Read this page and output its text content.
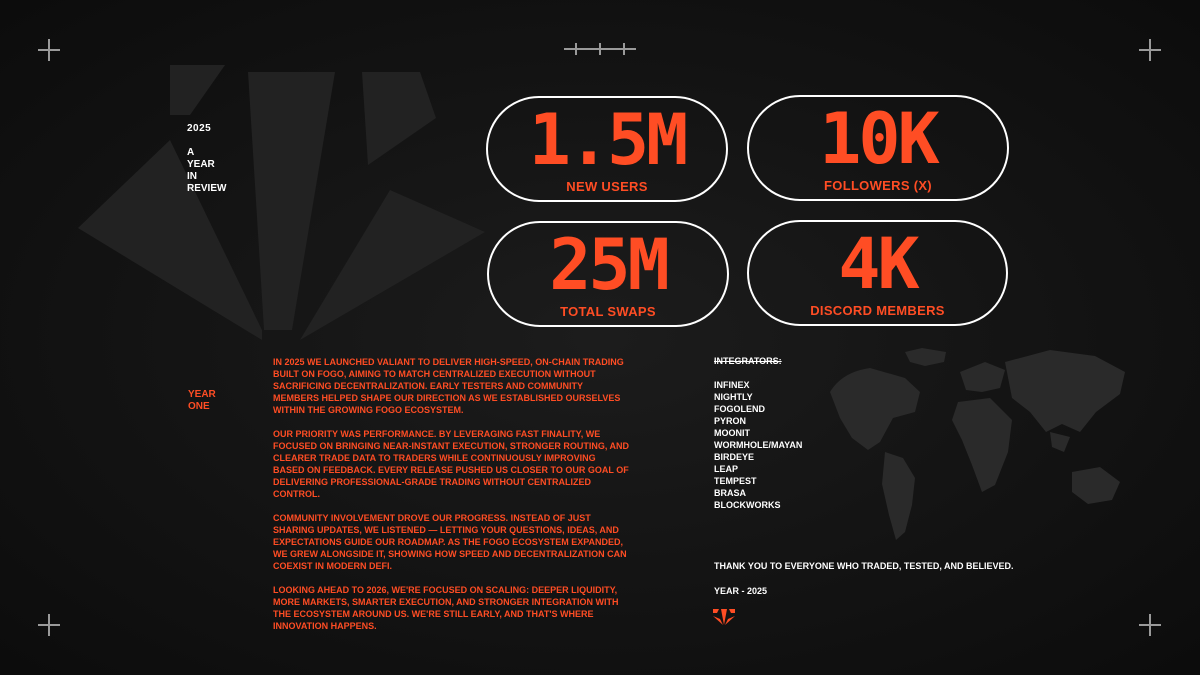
2025
A
YEAR
IN
REVIEW
1.5M
NEW USERS
10K
FOLLOWERS (X)
25M
TOTAL SWAPS
4K
DISCORD MEMBERS
YEAR
ONE

IN 2025 WE LAUNCHED VALIANT TO DELIVER HIGH-SPEED, ON-CHAIN TRADING BUILT ON FOGO, AIMING TO MATCH CENTRALIZED EXECUTION WITHOUT SACRIFICING DECENTRALIZATION. EARLY TESTERS AND COMMUNITY MEMBERS HELPED SHAPE OUR DIRECTION AS WE ESTABLISHED OURSELVES WITHIN THE GROWING FOGO ECOSYSTEM.

OUR PRIORITY WAS PERFORMANCE. BY LEVERAGING FAST FINALITY, WE FOCUSED ON BRINGING NEAR-INSTANT EXECUTION, STRONGER ROUTING, AND CLEARER TRADE DATA TO TRADERS WHILE CONTINUOUSLY IMPROVING BASED ON FEEDBACK. EVERY RELEASE PUSHED US CLOSER TO OUR GOAL OF DELIVERING PROFESSIONAL-GRADE TRADING WITHOUT CENTRALIZED CONTROL.

COMMUNITY INVOLVEMENT DROVE OUR PROGRESS. INSTEAD OF JUST SHARING UPDATES, WE LISTENED — LETTING YOUR QUESTIONS, IDEAS, AND EXPECTATIONS GUIDE OUR ROADMAP. AS THE FOGO ECOSYSTEM EXPANDED, WE GREW ALONGSIDE IT, SHOWING HOW SPEED AND DECENTRALIZATION CAN COEXIST IN MODERN DEFI.

LOOKING AHEAD TO 2026, WE'RE FOCUSED ON SCALING: DEEPER LIQUIDITY, MORE MARKETS, SMARTER EXECUTION, AND STRONGER INTEGRATION WITH THE ECOSYSTEM AROUND US. WE'RE STILL EARLY, AND THAT'S WHERE INNOVATION HAPPENS.

INTEGRATORS:
INFINEX
NIGHTLY
FOGOLEND
PYRON
MOONIT
WORMHOLE/MAYAN
BIRDEYE
LEAP
TEMPEST
BRASA
BLOCKWORKS
THANK YOU TO EVERYONE WHO TRADED, TESTED, AND BELIEVED.
YEAR - 2025
